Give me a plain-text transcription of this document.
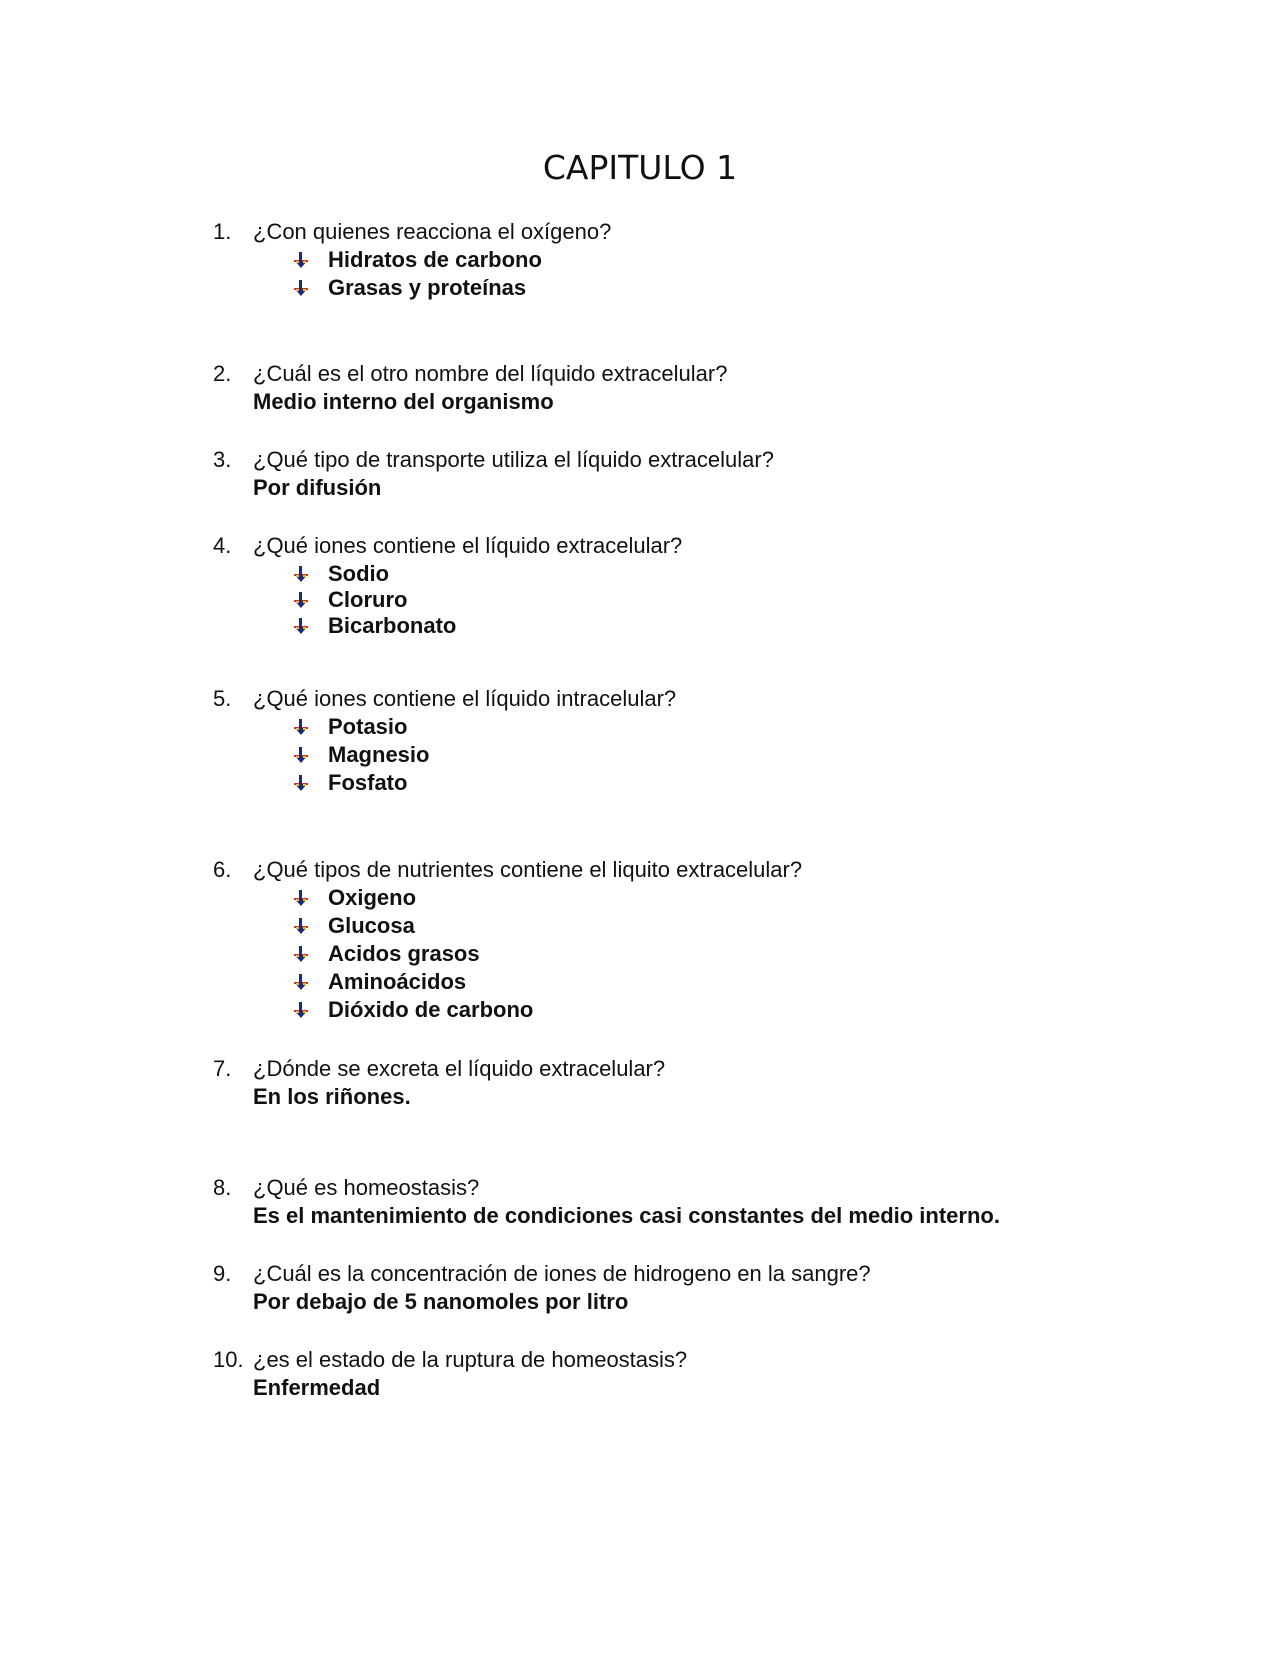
CAPITULO 1
1. ¿Con quienes reacciona el oxígeno?
Hidratos de carbono
Grasas y proteínas
2. ¿Cuál es el otro nombre del líquido extracelular?
Medio interno del organismo
3. ¿Qué tipo de transporte utiliza el líquido extracelular?
Por difusión
4. ¿Qué iones contiene el líquido extracelular?
Sodio
Cloruro
Bicarbonato
5. ¿Qué iones contiene el líquido intracelular?
Potasio
Magnesio
Fosfato
6. ¿Qué tipos de nutrientes contiene el liquito extracelular?
Oxigeno
Glucosa
Acidos grasos
Aminoácidos
Dióxido de carbono
7. ¿Dónde se excreta el líquido extracelular?
En los riñones.
8. ¿Qué es homeostasis?
Es el mantenimiento de condiciones casi constantes del medio interno.
9. ¿Cuál es la concentración de iones de hidrogeno en la sangre?
Por debajo de 5 nanomoles por litro
10. ¿es el estado de la ruptura de homeostasis?
Enfermedad
